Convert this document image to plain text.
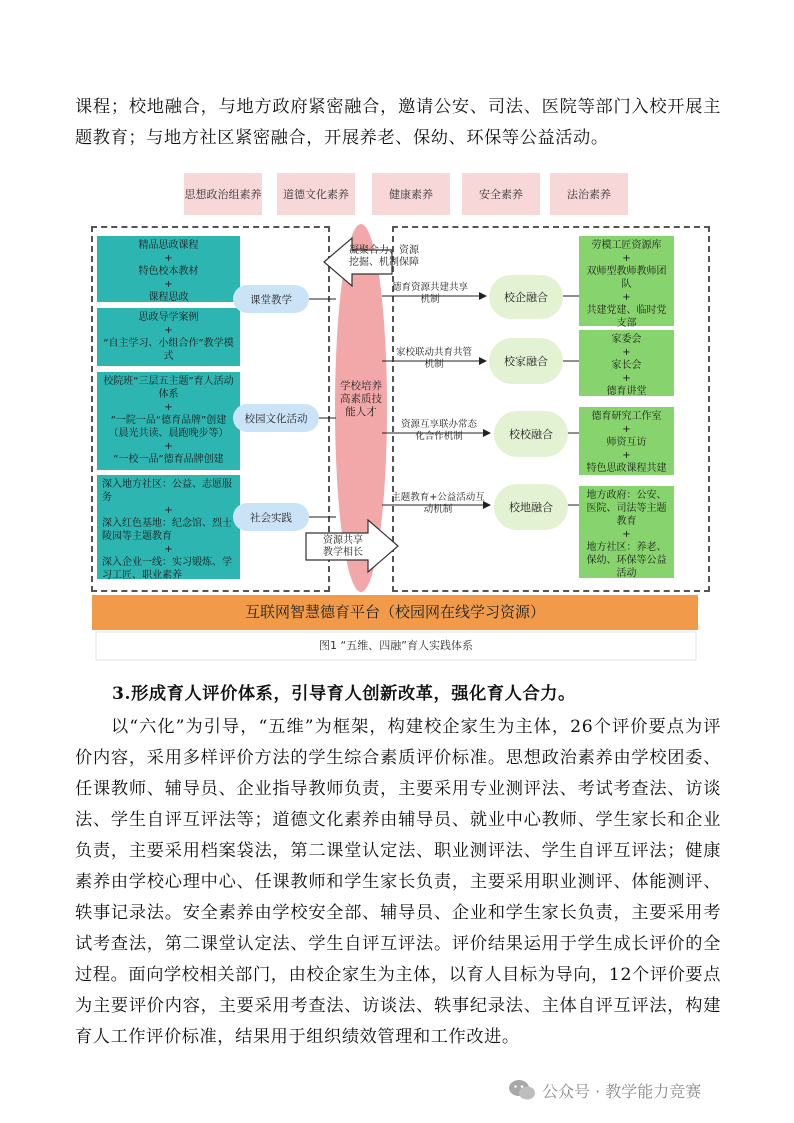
课程；校地融合，与地方政府紧密融合，邀请公安、司法、医院等部门入校开展主题教育；与地方社区紧密融合，开展养老、保幼、环保等公益活动。
思想政治组素养	道德文化素养	健康素养	安全素养	法治素养
精品思政课程
+
特色校本教材
+
课程思政
思政导学案例
+
“自主学习、小组合作”教学模式
校院班“三层五主题”育人活动体系
+
“一院一品“德育品牌”创建（晨光共读、晨跑晚步等）
+
“一校一品”德育品牌创建
深入地方社区：公益、志愿服务
+
深入红色基地：纪念馆、烈士陵园等主题教育
+
深入企业一线：实习锻炼、学习工匠、职业素养
课堂教学
校园文化活动
社会实践
学校培养高素质技能人才
凝聚合力、资源挖掘、机制保障
资源共享教学相长
德育资源共建共享机制
家校联动共育共管机制
资源互享联办常态化合作机制
主题教育+公益活动互动机制
校企融合
校家融合
校校融合
校地融合
劳模工匠资源库
+
双师型教师教师团队
+
共建党建、临时党支部
家委会
+
家长会
+
德育讲堂
德育研究工作室
+
师资互访
+
特色思政课程共建
地方政府：公安、医院、司法等主题教育
+
地方社区：养老、保幼、环保等公益活动
互联网智慧德育平台（校园网在线学习资源）
图1 “五维、四融”育人实践体系
3.形成育人评价体系，引导育人创新改革，强化育人合力。
以“六化”为引导，“五维”为框架，构建校企家生为主体，26个评价要点为评价内容，采用多样评价方法的学生综合素质评价标准。思想政治素养由学校团委、任课教师、辅导员、企业指导教师负责，主要采用专业测评法、考试考查法、访谈法、学生自评互评法等；道德文化素养由辅导员、就业中心教师、学生家长和企业负责，主要采用档案袋法，第二课堂认定法、职业测评法、学生自评互评法；健康素养由学校心理中心、任课教师和学生家长负责，主要采用职业测评、体能测评、轶事记录法。安全素养由学校安全部、辅导员、企业和学生家长负责，主要采用考试考查法，第二课堂认定法、学生自评互评法。评价结果运用于学生成长评价的全过程。面向学校相关部门，由校企家生为主体，以育人目标为导向，12个评价要点为主要评价内容，主要采用考查法、访谈法、轶事纪录法、主体自评互评法，构建育人工作评价标准，结果用于组织绩效管理和工作改进。
公众号 · 教学能力竞赛
